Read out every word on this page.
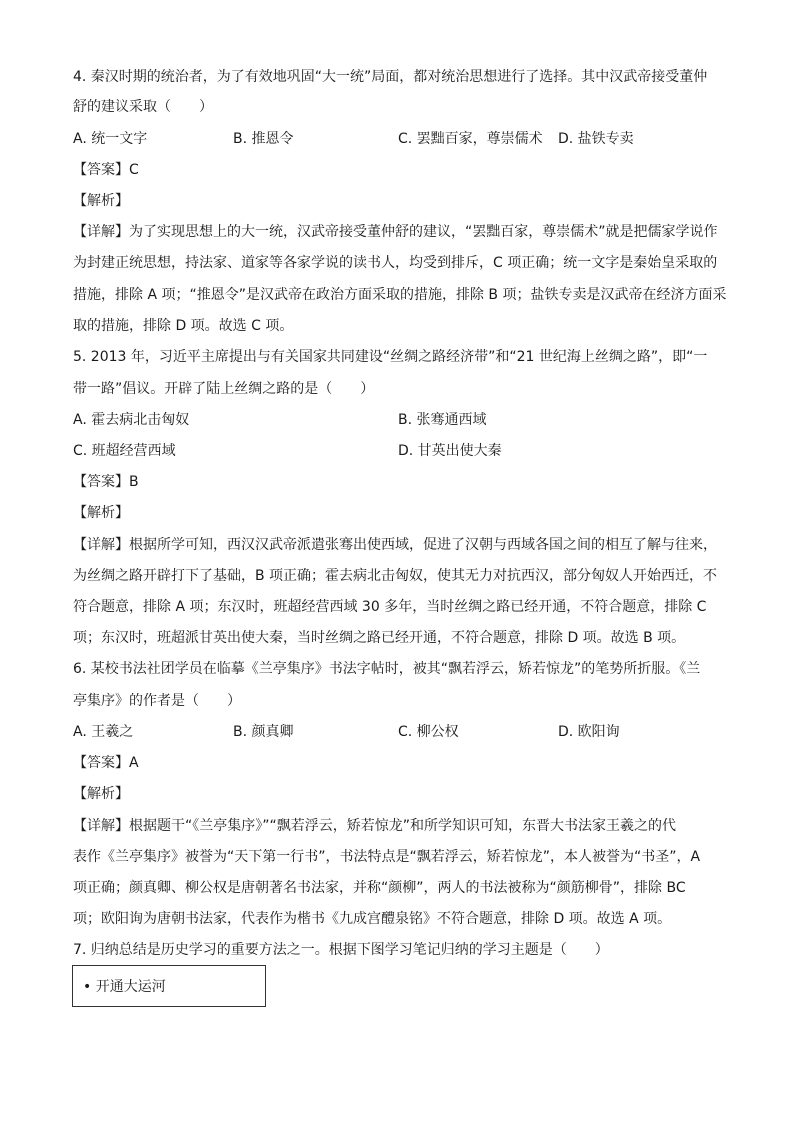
4. 秦汉时期的统治者，为了有效地巩固“大一统”局面，都对统治思想进行了选择。其中汉武帝接受董仲
舒的建议采取（　　）
A. 统一文字	B. 推恩令	C. 罢黜百家，尊崇儒术 D. 盐铁专卖
【答案】C
【解析】
【详解】为了实现思想上的大一统，汉武帝接受董仲舒的建议，“罢黜百家，尊崇儒术”就是把儒家学说作
为封建正统思想，持法家、道家等各家学说的读书人，均受到排斥，C 项正确；统一文字是秦始皇采取的
措施，排除 A 项；“推恩令”是汉武帝在政治方面采取的措施，排除 B 项；盐铁专卖是汉武帝在经济方面采
取的措施，排除 D 项。故选 C 项。
5. 2013 年，习近平主席提出与有关国家共同建设“丝绸之路经济带”和“21 世纪海上丝绸之路”，即“一
带一路”倡议。开辟了陆上丝绸之路的是（　　）
A. 霍去病北击匈奴	B. 张骞通西域
C. 班超经营西域	D. 甘英出使大秦
【答案】B
【解析】
【详解】根据所学可知，西汉汉武帝派遣张骞出使西域，促进了汉朝与西域各国之间的相互了解与往来，
为丝绸之路开辟打下了基础，B 项正确；霍去病北击匈奴，使其无力对抗西汉，部分匈奴人开始西迁，不
符合题意，排除 A 项；东汉时，班超经营西域 30 多年，当时丝绸之路已经开通，不符合题意，排除 C
项；东汉时，班超派甘英出使大秦，当时丝绸之路已经开通，不符合题意，排除 D 项。故选 B 项。
6. 某校书法社团学员在临摹《兰亭集序》书法字帖时，被其“飘若浮云，矫若惊龙”的笔势所折服。《兰
亭集序》的作者是（　　）
A. 王羲之	B. 颜真卿	C. 柳公权	D. 欧阳询
【答案】A
【解析】
【详解】根据题干“《兰亭集序》”“飘若浮云，矫若惊龙”和所学知识可知，东晋大书法家王羲之的代
表作《兰亭集序》被誉为“天下第一行书”，书法特点是“飘若浮云，矫若惊龙”，本人被誉为“书圣”，A
项正确；颜真卿、柳公权是唐朝著名书法家，并称“颜柳”，两人的书法被称为“颜筋柳骨”，排除 BC
项；欧阳询为唐朝书法家，代表作为楷书《九成宫醴泉铭》不符合题意，排除 D 项。故选 A 项。
7. 归纳总结是历史学习的重要方法之一。根据下图学习笔记归纳的学习主题是（　　）
• 开通大运河
